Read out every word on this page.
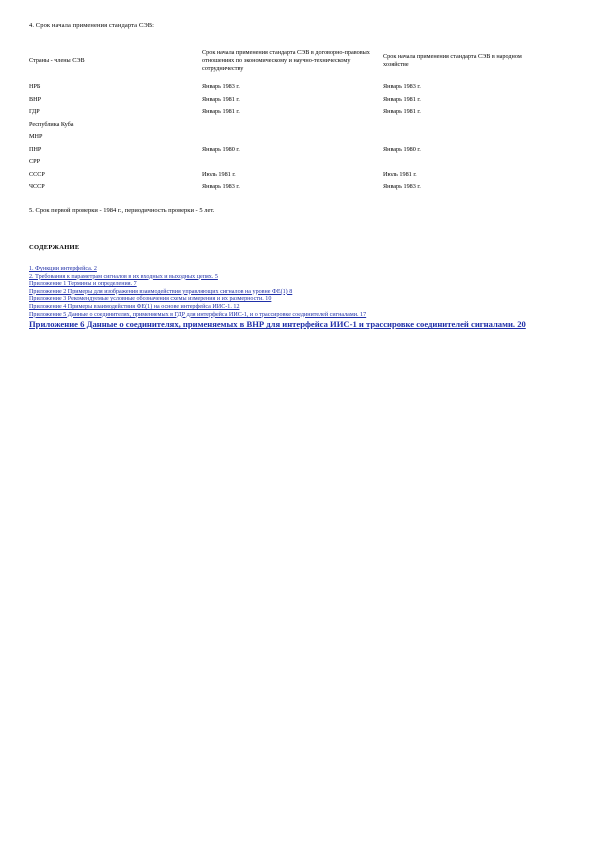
4. Срок начала применения стандарта СЭВ:
Страны - члены СЭВ	Срок начала применения стандарта СЭВ в договорно-правовых отношениях по экономическому и научно-техническому сотрудничеству	Срок начала применения стандарта СЭВ в народном хозяйстве
НРБ	Январь 1983 г.	Январь 1983 г.
ВНР	Январь 1981 г.	Январь 1981 г.
ГДР	Январь 1981 г.	Январь 1981 г.
Республика Куба		
МНР		
ПНР	Январь 1980 г.	Январь 1980 г.
СРР		
СССР	Июль 1981 г.	Июль 1981 г.
ЧССР	Январь 1983 г.	Январь 1983 г.
5. Срок первой проверки - 1984 г., периодичность проверки - 5 лет.
СОДЕРЖАНИЕ
1. Функции интерфейса. 2
2. Требования к параметрам сигналов в их входных и выходных цепях. 5
Приложение 1 Термины и определения. 7
Приложение 2 Примеры для изображения взаимодействия управляющих сигналов на уровне ФЕ(1) 8
Приложение 3 Рекомендуемые условные обозначения схемы измерения и их размерности. 10
Приложение 4 Примеры взаимодействия ФЕ(1) на основе интерфейса ИИС-1. 12
Приложение 5 Данные о соединителях, применяемых в ГДР для интерфейса ИИС-1, и о трассировке соединителей сигналами. 17
Приложение 6 Данные о соединителях, применяемых в ВНР для интерфейса ИИС-1 и трассировке соединителей сигналами. 20
